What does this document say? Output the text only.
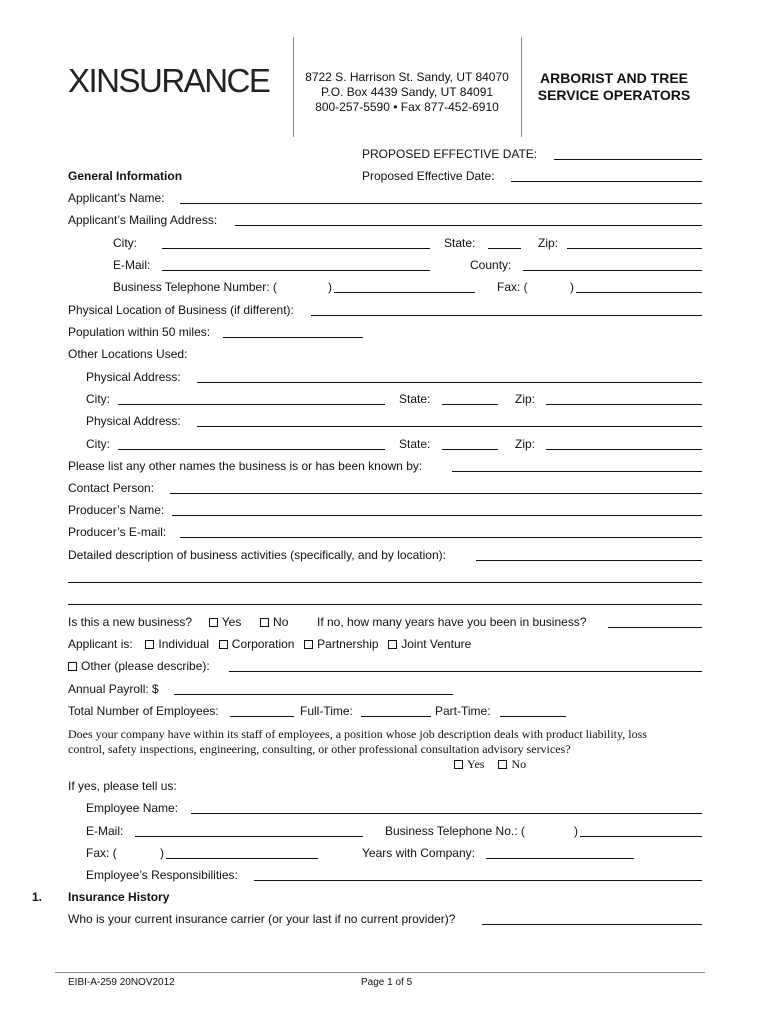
XINSURANCE	8722 S. Harrison St. Sandy, UT 84070
P.O. Box 4439 Sandy, UT 84091
800-257-5590 • Fax 877-452-6910
ARBORIST AND TREE
SERVICE OPERATORS
PROPOSED EFFECTIVE DATE:
General Information	Proposed Effective Date:
Applicant’s Name:
Applicant’s Mailing Address:
City:	State:	Zip:
E-Mail:	County:
Business Telephone Number: (	)	Fax: (	)
Physical Location of Business (if different):
Population within 50 miles:
Other Locations Used:
Physical Address:
City:	State:	Zip:
Physical Address:
City:	State:	Zip:
Please list any other names the business is or has been known by:
Contact Person:
Producer’s Name:
Producer’s E-mail:
Detailed description of business activities (specifically, and by location):
Is this a new business? Yes	No If no, how many years have you been in business?
Applicant is: Individual Corporation Partnership Joint Venture
Other (please describe):
Annual Payroll: $
Total Number of Employees:	Full-Time:	Part-Time:
Does your company have within its staff of employees, a position whose job description deals with product liability, loss
control, safety inspections, engineering, consulting, or other professional consultation advisory services?
Yes No
If yes, please tell us:
Employee Name:
E-Mail:	Business Telephone No.: (	)
Fax: (	)	Years with Company:
Employee’s Responsibilities:
1. Insurance History
Who is your current insurance carrier (or your last if no current provider)?
EIBI-A-259 20NOV2012	Page 1 of 5
